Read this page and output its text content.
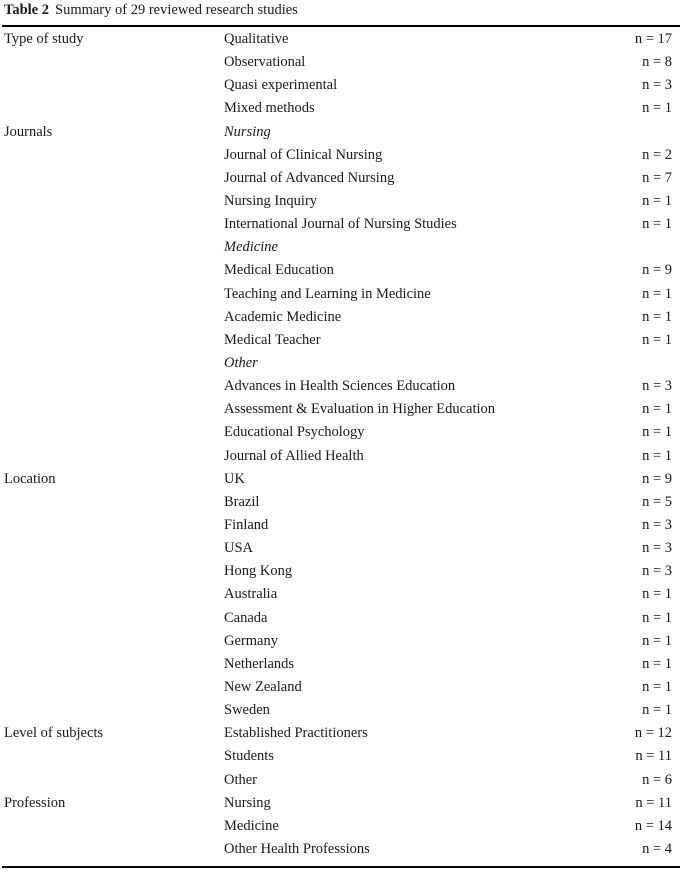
Table 2 Summary of 29 reviewed research studies
Type of study	Qualitative	n = 17
Observational	n = 8
Quasi experimental	n = 3
Mixed methods	n = 1
Journals	Nursing
Journal of Clinical Nursing	n = 2
Journal of Advanced Nursing	n = 7
Nursing Inquiry	n = 1
International Journal of Nursing Studies	n = 1
Medicine
Medical Education	n = 9
Teaching and Learning in Medicine	n = 1
Academic Medicine	n = 1
Medical Teacher	n = 1
Other
Advances in Health Sciences Education	n = 3
Assessment & Evaluation in Higher Education	n = 1
Educational Psychology	n = 1
Journal of Allied Health	n = 1
Location	UK	n = 9
Brazil	n = 5
Finland	n = 3
USA	n = 3
Hong Kong	n = 3
Australia	n = 1
Canada	n = 1
Germany	n = 1
Netherlands	n = 1
New Zealand	n = 1
Sweden	n = 1
Level of subjects	Established Practitioners	n = 12
Students	n = 11
Other	n = 6
Profession	Nursing	n = 11
Medicine	n = 14
Other Health Professions	n = 4
